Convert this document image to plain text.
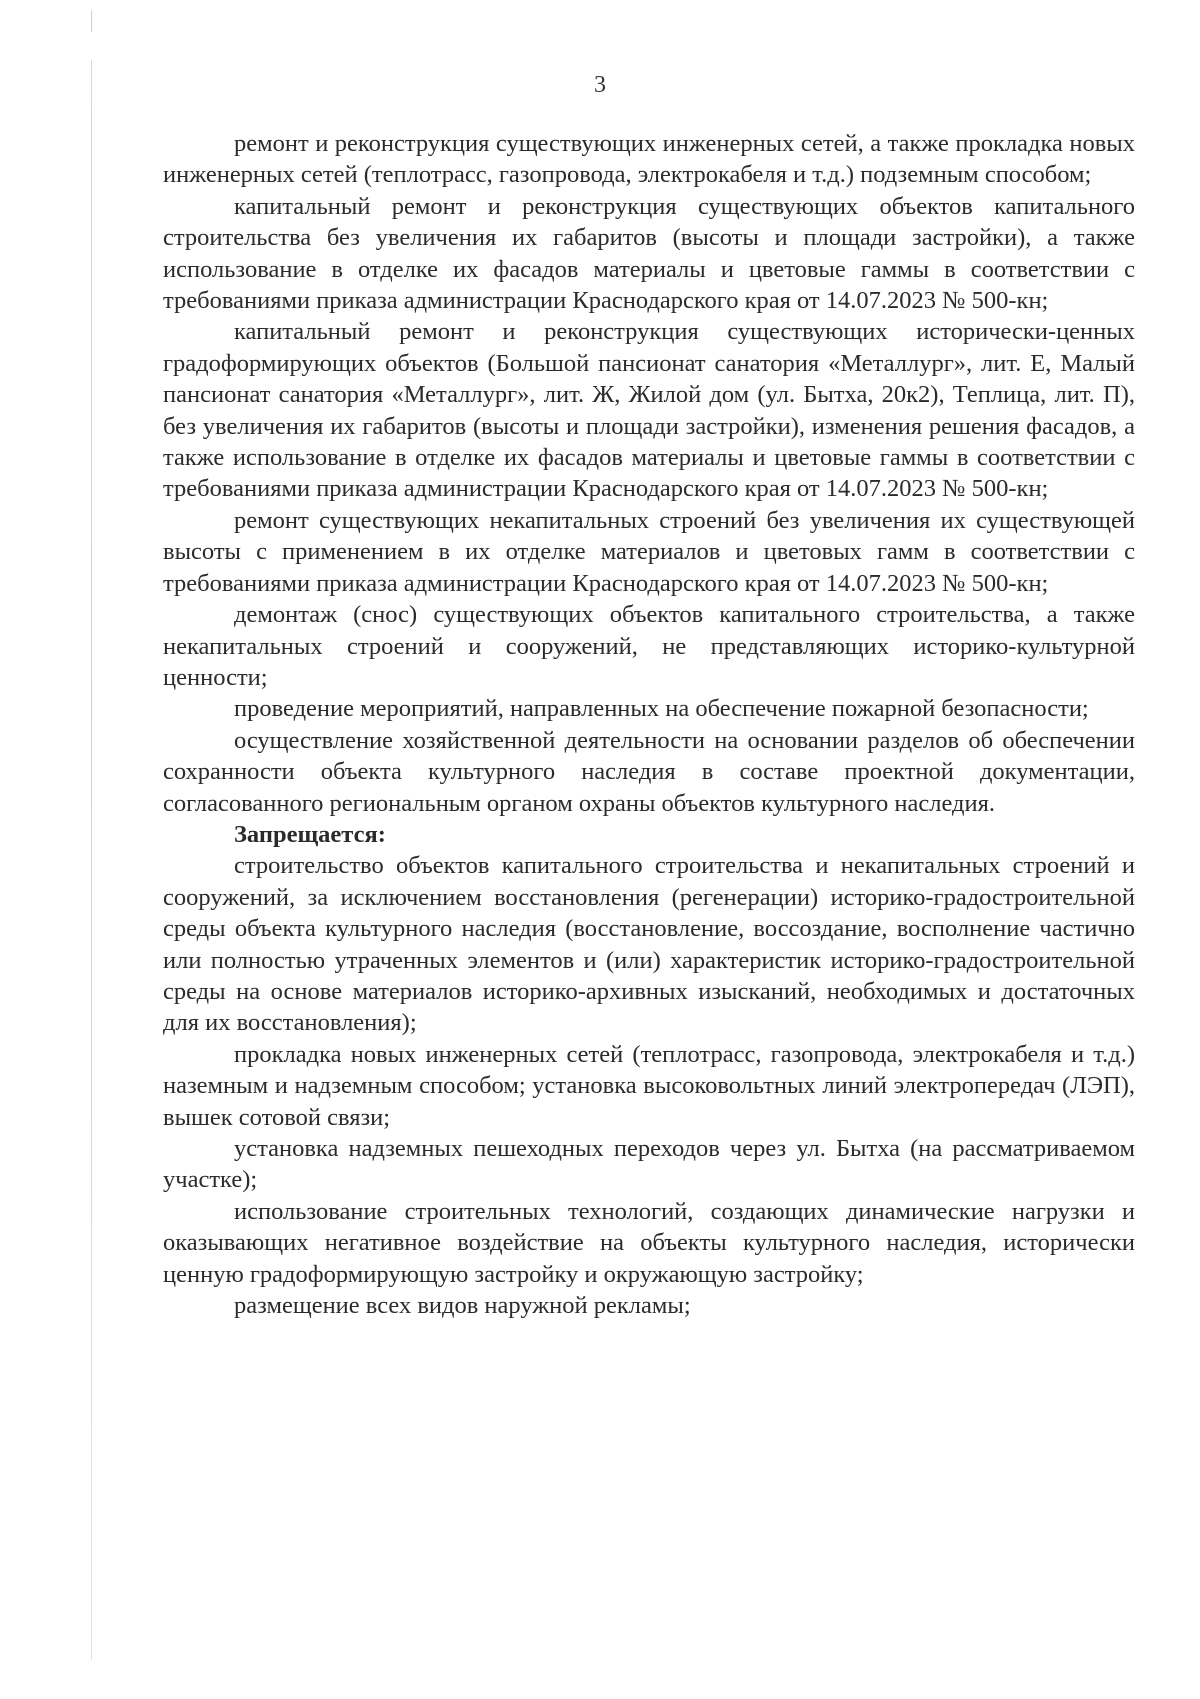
3

ремонт и реконструкция существующих инженерных сетей, а также прокладка новых инженерных сетей (теплотрасс, газопровода, электрокабеля и т.д.) подземным способом;

капитальный ремонт и реконструкция существующих объектов капитального строительства без увеличения их габаритов (высоты и площади застройки), а также использование в отделке их фасадов материалы и цветовые гаммы в соответствии с требованиями приказа администрации Краснодарского края от 14.07.2023 № 500-кн;

капитальный ремонт и реконструкция существующих исторически-ценных градоформирующих объектов (Большой пансионат санатория «Металлург», лит. Е, Малый пансионат санатория «Металлург», лит. Ж, Жилой дом (ул. Бытха, 20к2), Теплица, лит. П), без увеличения их габаритов (высоты и площади застройки), изменения решения фасадов, а также использование в отделке их фасадов материалы и цветовые гаммы в соответствии с требованиями приказа администрации Краснодарского края от 14.07.2023 № 500-кн;

ремонт существующих некапитальных строений без увеличения их существующей высоты с применением в их отделке материалов и цветовых гамм в соответствии с требованиями приказа администрации Краснодарского края от 14.07.2023 № 500-кн;

демонтаж (снос) существующих объектов капитального строительства, а также некапитальных строений и сооружений, не представляющих историко-культурной ценности;

проведение мероприятий, направленных на обеспечение пожарной безопасности;

осуществление хозяйственной деятельности на основании разделов об обеспечении сохранности объекта культурного наследия в составе проектной документации, согласованного региональным органом охраны объектов культурного наследия.

Запрещается:

строительство объектов капитального строительства и некапитальных строений и сооружений, за исключением восстановления (регенерации) историко-градостроительной среды объекта культурного наследия (восстановление, воссоздание, восполнение частично или полностью утраченных элементов и (или) характеристик историко-градостроительной среды на основе материалов историко-архивных изысканий, необходимых и достаточных для их восстановления);

прокладка новых инженерных сетей (теплотрасс, газопровода, электрокабеля и т.д.) наземным и надземным способом; установка высоковольтных линий электропередач (ЛЭП), вышек сотовой связи;

установка надземных пешеходных переходов через ул. Бытха (на рассматриваемом участке);

использование строительных технологий, создающих динамические нагрузки и оказывающих негативное воздействие на объекты культурного наследия, исторически ценную градоформирующую застройку и окружающую застройку;

размещение всех видов наружной рекламы;
